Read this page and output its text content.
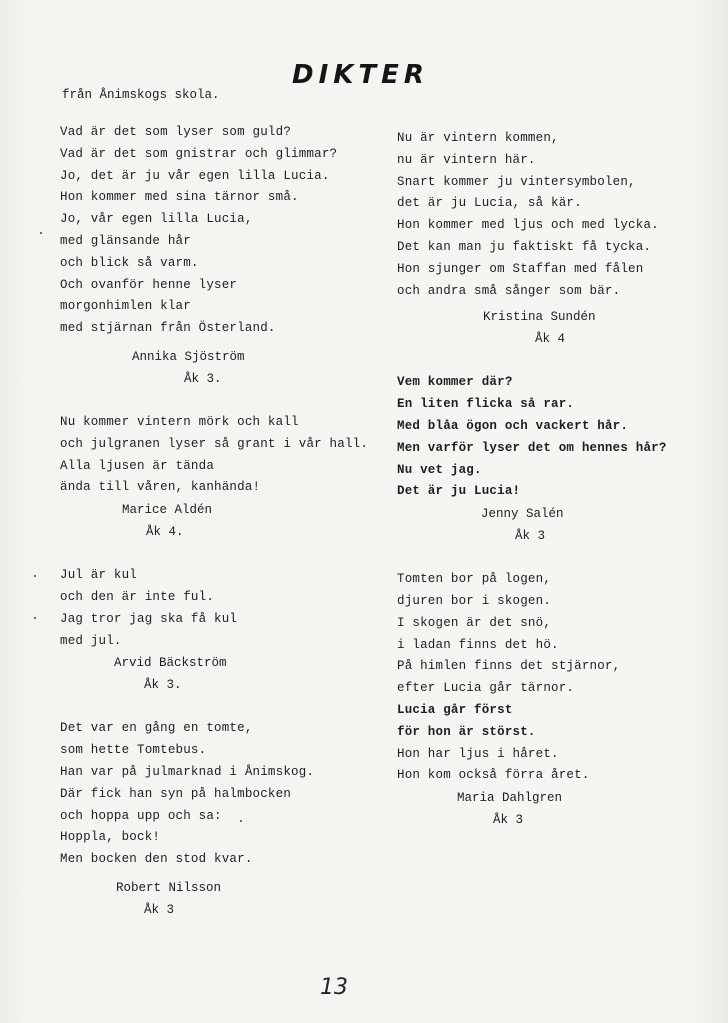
DIKTER
från Ånimskogs skola.
Vad är det som lyser som guld?
Vad är det som gnistrar och glimmar?
Jo, det är ju vår egen lilla Lucia.
Hon kommer med sina tärnor små.
Jo, vår egen lilla Lucia,
med glänsande hår
och blick så varm.
Och ovanför henne lyser
morgonhimlen klar
med stjärnan från Österland.
Annika Sjöström
Åk 3.
Nu kommer vintern mörk och kall
och julgranen lyser så grant i vår hall.
Alla ljusen är tända
ända till våren, kanhända!
Marice Aldén
Åk 4.
Jul är kul
och den är inte ful.
Jag tror jag ska få kul
med jul.
Arvid Bäckström
Åk 3.
Det var en gång en tomte,
som hette Tomtebus.
Han var på julmarknad i Ånimskog.
Där fick han syn på halmbocken
och hoppa upp och sa:
Hoppla, bock!
Men bocken den stod kvar.
Robert Nilsson
Åk 3
Nu är vintern kommen,
nu är vintern här.
Snart kommer ju vintersymbolen,
det är ju Lucia, så kär.
Hon kommer med ljus och med lycka.
Det kan man ju faktiskt få tycka.
Hon sjunger om Staffan med fålen
och andra små sånger som bär.
Kristina Sundén
Åk 4
Vem kommer där?
En liten flicka så rar.
Med blåa ögon och vackert hår.
Men varför lyser det om hennes hår?
Nu vet jag.
Det är ju Lucia!
Jenny Salén
Åk 3
Tomten bor på logen,
djuren bor i skogen.
I skogen är det snö,
i ladan finns det hö.
På himlen finns det stjärnor,
efter Lucia går tärnor.
Lucia går först
för hon är störst.
Hon har ljus i håret.
Hon kom också förra året.
Maria Dahlgren
Åk 3
13
